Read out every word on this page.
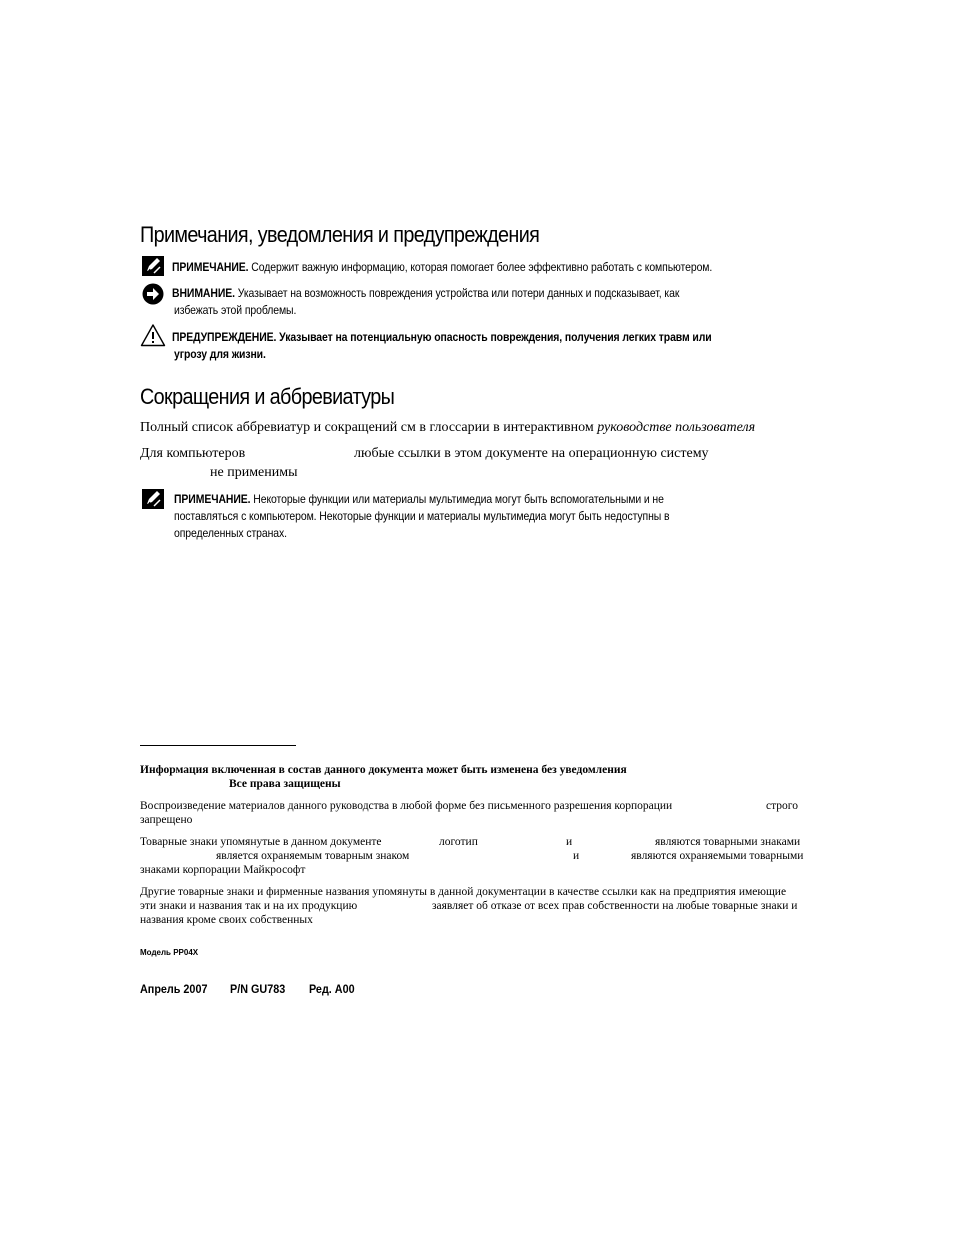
Примечания, уведомления и предупреждения
ПРИМЕЧАНИЕ. Содержит важную информацию, которая помогает более эффективно работать с компьютером.
ВНИМАНИЕ. Указывает на возможность повреждения устройства или потери данных и подсказывает, как
избежать этой проблемы.
ПРЕДУПРЕЖДЕНИЕ. Указывает на потенциальную опасность повреждения, получения легких травм или
угрозу для жизни.
Сокращения и аббревиатуры
Полный список аббревиатур и сокращений см в глоссарии в интерактивном руководстве пользователя
Для компьютеров	любые ссылки в этом документе на операционную систему
не применимы
ПРИМЕЧАНИЕ. Некоторые функции или материалы мультимедиа могут быть вспомогательными и не
поставляться с компьютером. Некоторые функции и материалы мультимедиа могут быть недоступны в
определенных странах.
Информация включенная в состав данного документа может быть изменена без уведомления
Все права защищены
Воспроизведение материалов данного руководства в любой форме без письменного разрешения корпорации	строго
запрещено
Товарные знаки упомянутые в данном документе	логотип	и	являются товарными знаками
является охраняемым товарным знаком	и	являются охраняемыми товарными
знаками корпорации Майкрософт
Другие товарные знаки и фирменные названия упомянуты в данной документации в качестве ссылки как на предприятия имеющие
эти знаки и названия так и на их продукцию	заявляет об отказе от всех прав собственности на любые товарные знаки и
названия кроме своих собственных
Модель PP04X
Апрель 2007 P/N GU783 Ред. A00
